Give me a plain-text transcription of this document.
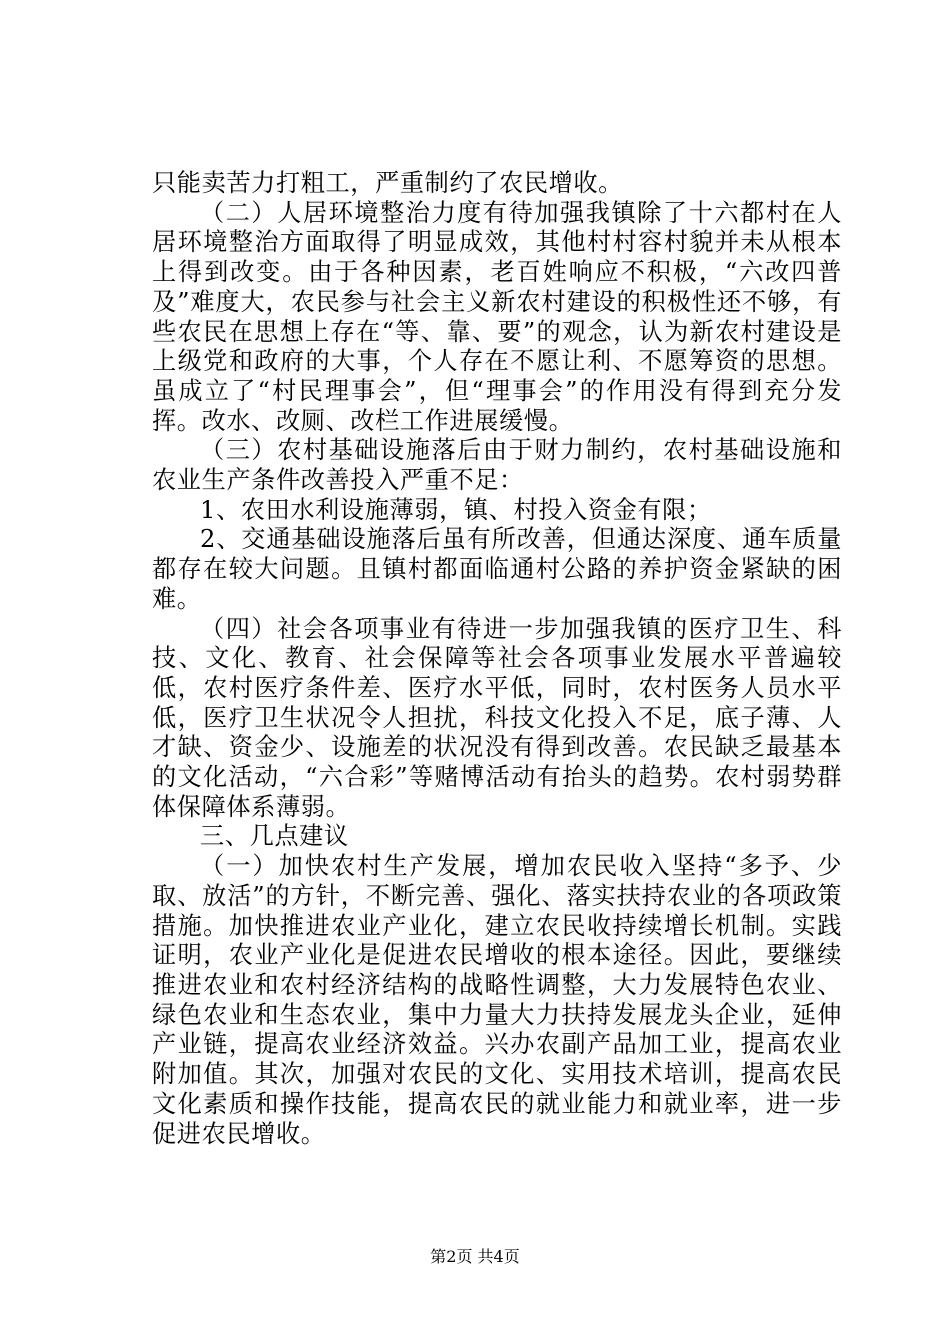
只能卖苦力打粗工，严重制约了农民增收。

（二）人居环境整治力度有待加强我镇除了十六都村在人居环境整治方面取得了明显成效，其他村村容村貌并未从根本上得到改变。由于各种因素，老百姓响应不积极，“六改四普及”难度大，农民参与社会主义新农村建设的积极性还不够，有些农民在思想上存在“等、靠、要”的观念，认为新农村建设是上级党和政府的大事，个人存在不愿让利、不愿筹资的思想。虽成立了“村民理事会”，但“理事会”的作用没有得到充分发挥。改水、改厕、改栏工作进展缓慢。

（三）农村基础设施落后由于财力制约，农村基础设施和农业生产条件改善投入严重不足：

1、农田水利设施薄弱，镇、村投入资金有限；

2、交通基础设施落后虽有所改善，但通达深度、通车质量都存在较大问题。且镇村都面临通村公路的养护资金紧缺的困难。

（四）社会各项事业有待进一步加强我镇的医疗卫生、科技、文化、教育、社会保障等社会各项事业发展水平普遍较低，农村医疗条件差、医疗水平低，同时，农村医务人员水平低，医疗卫生状况令人担扰，科技文化投入不足，底子薄、人才缺、资金少、设施差的状况没有得到改善。农民缺乏最基本的文化活动，“六合彩”等赌博活动有抬头的趋势。农村弱势群体保障体系薄弱。

三、几点建议

（一）加快农村生产发展，增加农民收入坚持“多予、少取、放活”的方针，不断完善、强化、落实扶持农业的各项政策措施。加快推进农业产业化，建立农民收持续增长机制。实践证明，农业产业化是促进农民增收的根本途径。因此，要继续推进农业和农村经济结构的战略性调整，大力发展特色农业、绿色农业和生态农业，集中力量大力扶持发展龙头企业，延伸产业链，提高农业经济效益。兴办农副产品加工业，提高农业附加值。其次，加强对农民的文化、实用技术培训，提高农民文化素质和操作技能，提高农民的就业能力和就业率，进一步促进农民增收。

第2页 共4页
